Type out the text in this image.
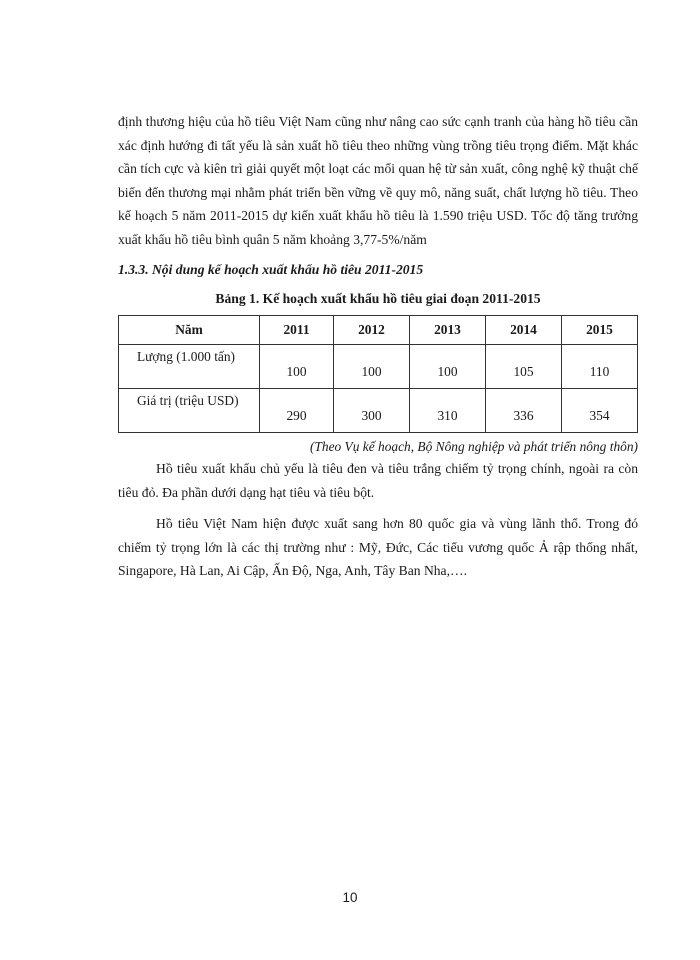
định thương hiệu của hồ tiêu Việt Nam cũng như nâng cao sức cạnh tranh của hàng hồ tiêu cần xác định hướng đi tất yếu là sản xuất hồ tiêu theo những vùng trồng tiêu trọng điểm. Mặt khác cần tích cực và kiên trì giải quyết một loạt các mối quan hệ từ sản xuất, công nghệ kỹ thuật chế biến đến thương mại nhằm phát triển bền vững về quy mô, năng suất, chất lượng hồ tiêu. Theo kế hoạch 5 năm 2011-2015 dự kiến xuất khẩu hồ tiêu là 1.590 triệu USD. Tốc độ tăng trưởng xuất khẩu hồ tiêu bình quân 5 năm khoảng 3,77-5%/năm

1.3.3. Nội dung kế hoạch xuất khẩu hồ tiêu 2011-2015

Bảng 1. Kế hoạch xuất khẩu hồ tiêu giai đoạn 2011-2015

Năm	2011	2012	2013	2014	2015
Lượng (1.000 tấn)	100	100	100	105	110
Giá trị (triệu USD)	290	300	310	336	354

(Theo Vụ kế hoạch, Bộ Nông nghiệp và phát triển nông thôn)

Hồ tiêu xuất khẩu chủ yếu là tiêu đen và tiêu trắng chiếm tỷ trọng chính, ngoài ra còn tiêu đỏ. Đa phần dưới dạng hạt tiêu và tiêu bột.

Hồ tiêu Việt Nam hiện được xuất sang hơn 80 quốc gia và vùng lãnh thổ. Trong đó chiếm tỷ trọng lớn là các thị trường như : Mỹ, Đức, Các tiểu vương quốc Ả rập thống nhất, Singapore, Hà Lan, Ai Cập, Ấn Độ, Nga, Anh, Tây Ban Nha,….

10
